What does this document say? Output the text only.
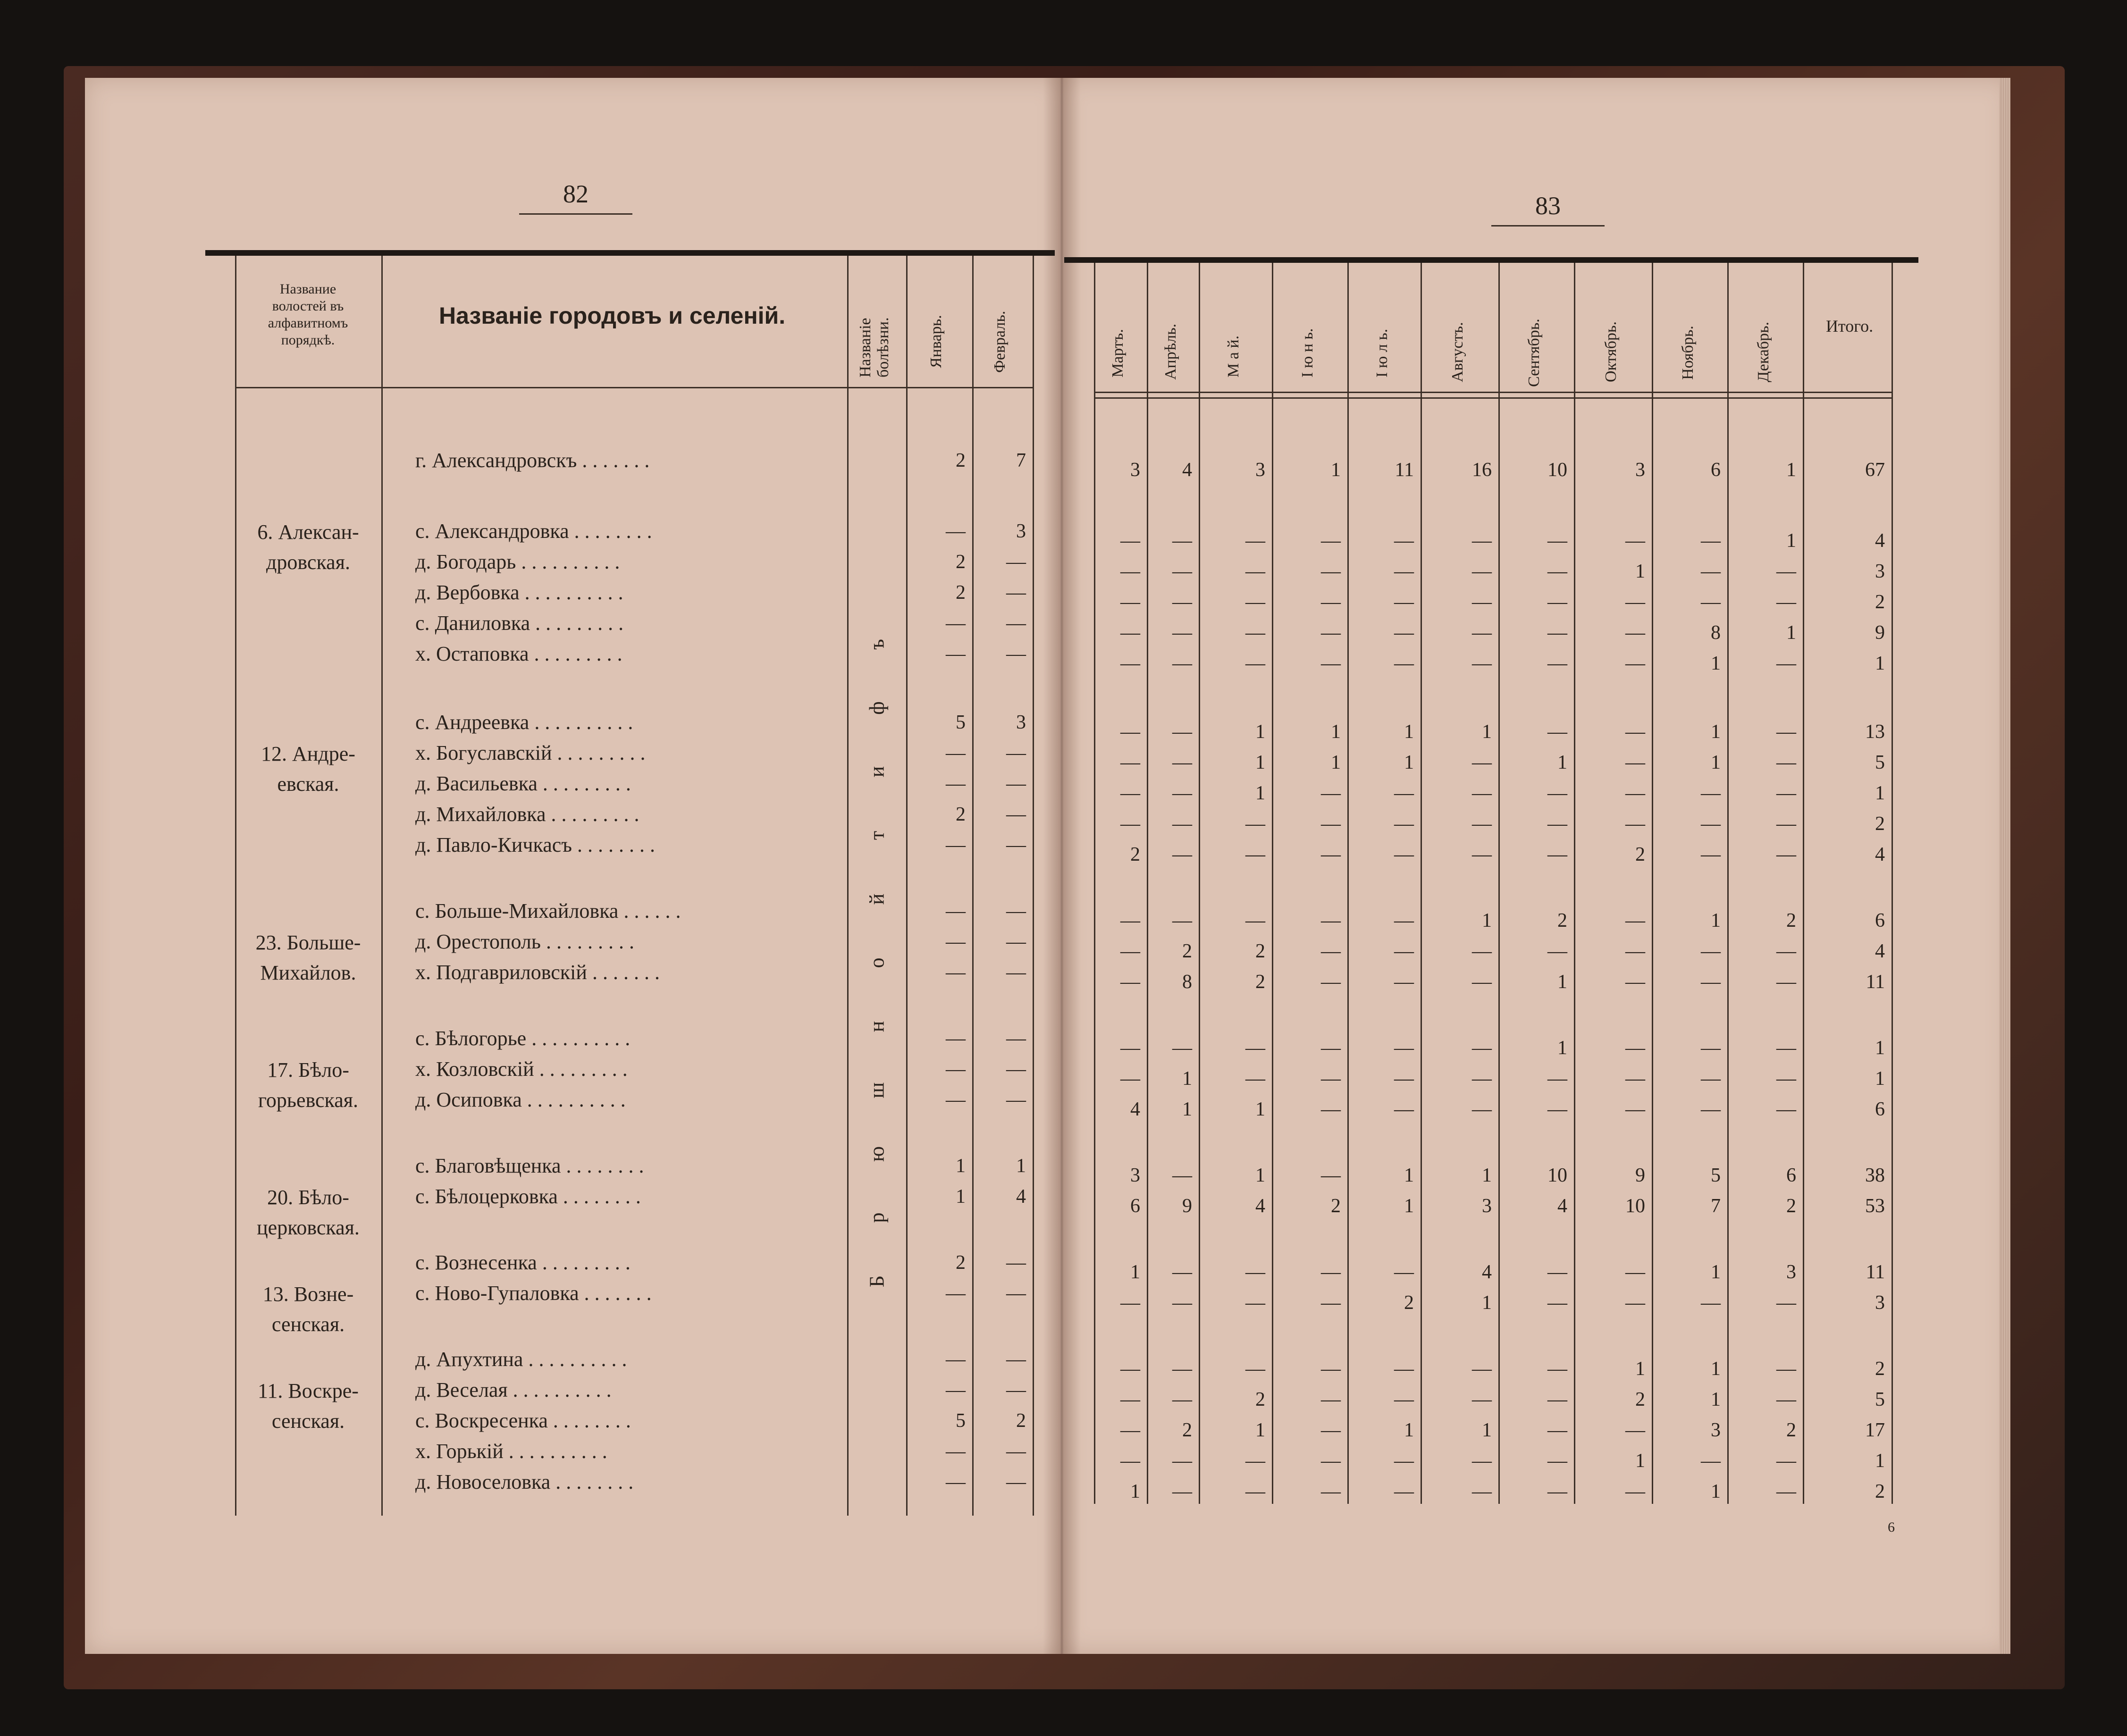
82	83
Название
волостей въ
алфавитномъ
порядкѣ.
Названіе городовъ и селеній.
Названіе болѣзни. Январь.	Февраль.	Мартъ. Апрѣль.	М а й.	І ю н ь.	І ю л ь.	Августъ.	Сентябрь.	Октябрь.	Ноябрь.	Декабрь.	Итого.
6
6. Алексан-
дровская.
12. Андре-
евская.
23. Больше-
Михайлов.
17. Бѣло-
горьевская.
20. Бѣло-
церковская.
13. Возне-
сенская.
11. Воскре-
сенская.
Б
р
ю
ш
н
о
й
т
и
ф
ъ
г. Александровскъ . . . . . . .	2	7	3	4	3	1	11	16	10	3	6	1	67
с. Александровка . . . . . . . .	—	3	—	—	—	—	—	—	—	—	—	1	4
д. Богодарь . . . . . . . . . .	2	—	—	—	—	—	—	—	—	1	—	—	3
д. Вербовка . . . . . . . . . .	2	—	—	—	—	—	—	—	—	—	—	—	2
с. Даниловка . . . . . . . . .	—	—	—	—	—	—	—	—	—	—	8	1	9
х. Остаповка . . . . . . . . .	—	—	—	—	—	—	—	—	—	—	1	—	1
с. Андреевка . . . . . . . . . .	5	3	—	—	1	1	1	1	—	—	1	—	13
х. Богуславскій . . . . . . . . .	—	—	—	—	1	1	1	—	1	—	1	—	5
д. Васильевка . . . . . . . . .	—	—	—	—	1	—	—	—	—	—	—	—	1
д. Михайловка . . . . . . . . .	2	—	—	—	—	—	—	—	—	—	—	—	2
д. Павло-Кичкасъ . . . . . . . .	—	—	2	—	—	—	—	—	—	2	—	—	4
с. Больше-Михайловка . . . . . .	—	—	—	—	—	—	—	1	2	—	1	2	6
д. Орестополь . . . . . . . . .	—	—	—	2	2	—	—	—	—	—	—	—	4
х. Подгавриловскій . . . . . . .	—	—	—	8	2	—	—	—	1	—	—	—	11
с. Бѣлогорье . . . . . . . . . .	—	—	—	—	—	—	—	—	1	—	—	—	1
х. Козловскій . . . . . . . . .	—	—	—	1	—	—	—	—	—	—	—	—	1
д. Осиповка . . . . . . . . . .	—	—	4	1	1	—	—	—	—	—	—	—	6
с. Благовѣщенка . . . . . . . .	1	1	3	—	1	—	1	1	10	9	5	6	38
с. Бѣлоцерковка . . . . . . . .	1	4	6	9	4	2	1	3	4	10	7	2	53
с. Вознесенка . . . . . . . . .	2	—	1	—	—	—	—	4	—	—	1	3	11
с. Ново-Гупаловка . . . . . . .	—	—	—	—	—	—	2	1	—	—	—	—	3
д. Апухтина . . . . . . . . . .	—	—	—	—	—	—	—	—	—	1	1	—	2
д. Веселая . . . . . . . . . .	—	—	—	—	2	—	—	—	—	2	1	—	5
с. Воскресенка . . . . . . . .	5	2	—	2	1	—	1	1	—	—	3	2	17
х. Горькій . . . . . . . . . .	—	—	—	—	—	—	—	—	—	1	—	—	1
д. Новоселовка . . . . . . . .	—	—	1	—	—	—	—	—	—	—	1	—	2
